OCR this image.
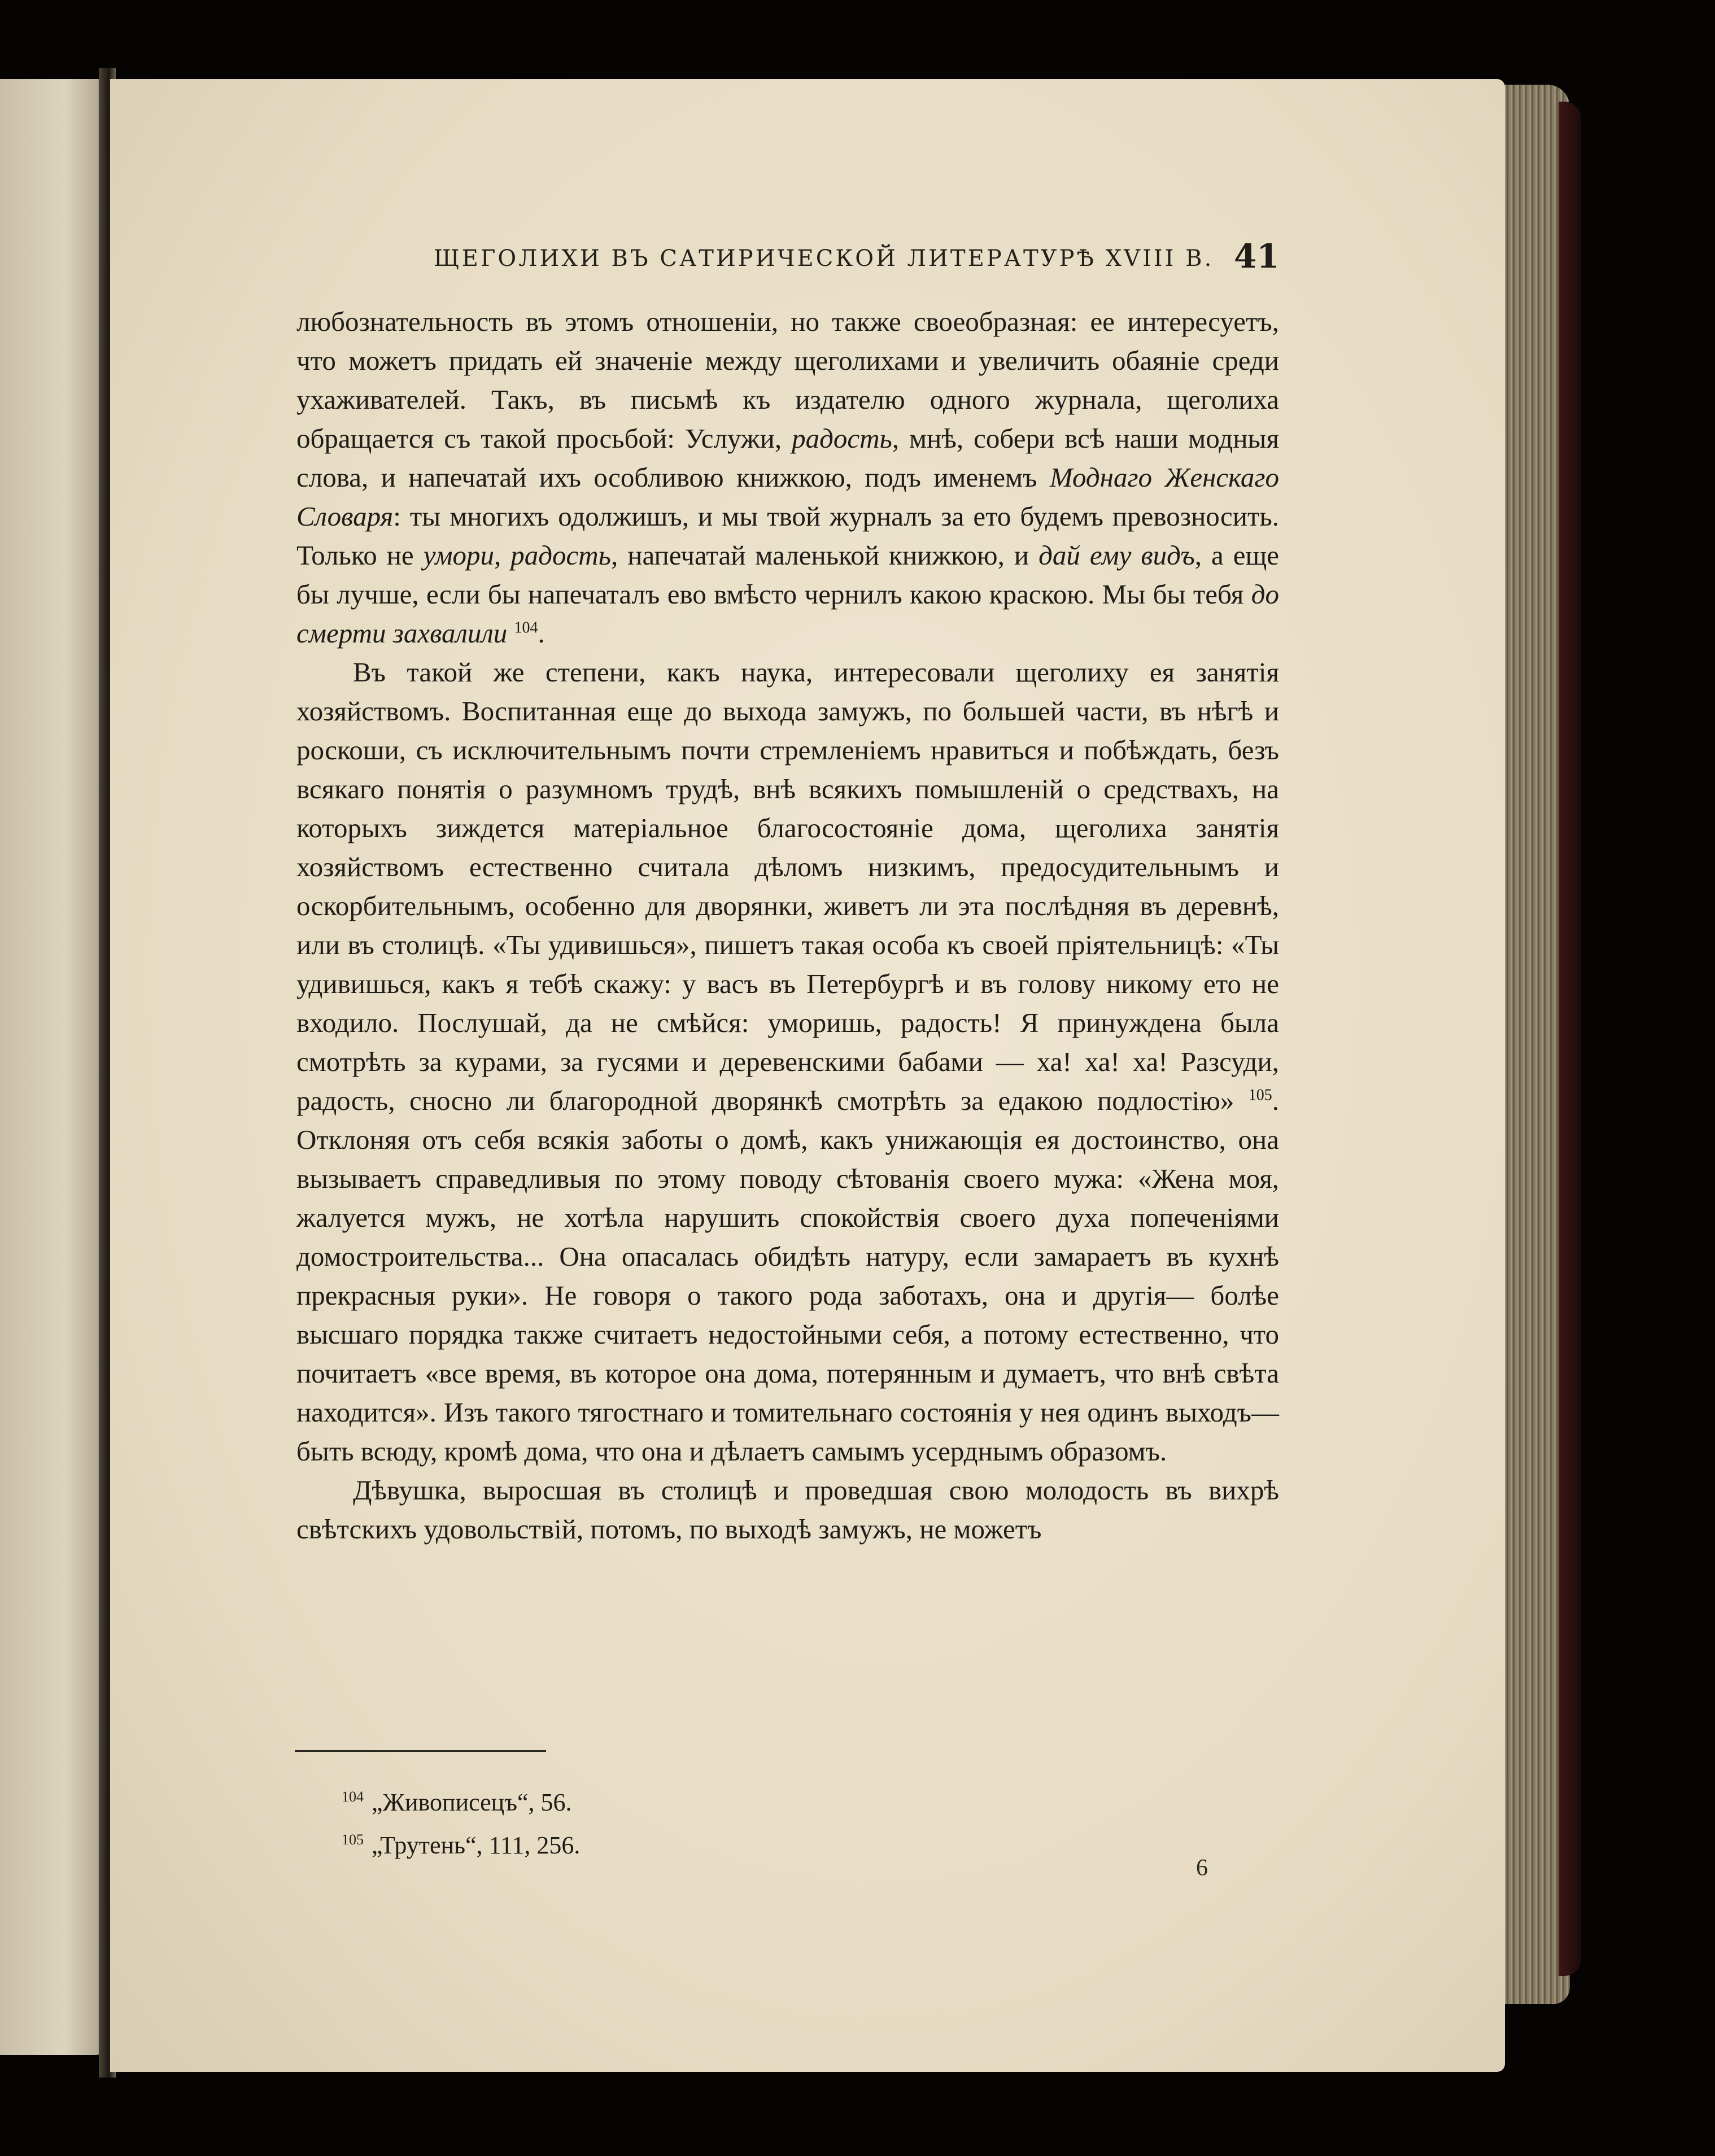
ЩЕГОЛИХИ ВЪ САТИРИЧЕСКОЙ ЛИТЕРАТУРѢ XVIII В. 41

любознательность въ этомъ отношеніи, но также своеобразная: ее интересуетъ, что можетъ придать ей значеніе между щеголихами и увеличить обаяніе среди ухаживателей. Такъ, въ письмѣ къ издателю одного журнала, щеголиха обращается съ такой просьбой: Услужи, радость, мнѣ, собери всѣ наши модныя слова, и напечатай ихъ особливою книжкою, подъ именемъ Моднаго Женскаго Словаря: ты многихъ одолжишъ, и мы твой журналъ за ето будемъ превозносить. Только не умори, радость, напечатай маленькой книжкою, и дай ему видъ, а еще бы лучше, если бы напечаталъ ево вмѣсто чернилъ какою краскою. Мы бы тебя до смерти захвалили $^{104}$.

Въ такой же степени, какъ наука, интересовали щеголиху ея занятія хозяйствомъ. Воспитанная еще до выхода замужъ, по большей части, въ нѣгѣ и роскоши, съ исключительнымъ почти стремленіемъ нравиться и побѣждать, безъ всякаго понятія о разумномъ трудѣ, внѣ всякихъ помышленій о средствахъ, на которыхъ зиждется матеріальное благосостояніе дома, щеголиха занятія хозяйствомъ естественно считала дѣломъ низкимъ, предосудительнымъ и оскорбительнымъ, особенно для дворянки, живетъ ли эта послѣдняя въ деревнѣ, или въ столицѣ. «Ты удивишься», пишетъ такая особа къ своей пріятельницѣ: «Ты удивишься, какъ я тебѣ скажу: у васъ въ Петербургѣ и въ голову никому ето не входило. Послушай, да не смѣйся: уморишь, радость! Я принуждена была смотрѣть за курами, за гусями и деревенскими бабами — ха! ха! ха! Разсуди, радость, сносно ли благородной дворянкѣ смотрѣть за едакою подлостію» $^{105}$. Отклоняя отъ себя всякія заботы о домѣ, какъ унижающія ея достоинство, она вызываетъ справедливыя по этому поводу сѣтованія своего мужа: «Жена моя, жалуется мужъ, не хотѣла нарушить спокойствія своего духа попеченіями домостроительства... Она опасалась обидѣть натуру, если замараетъ въ кухнѣ прекрасныя руки». Не говоря о такого рода заботахъ, она и другія— болѣе высшаго порядка также считаетъ недостойными себя, а потому естественно, что почитаетъ «все время, въ которое она дома, потерянным и думаетъ, что внѣ свѣта находится». Изъ такого тягостнаго и томительнаго состоянія у нея одинъ выходъ—быть всюду, кромѣ дома, что она и дѣлаетъ самымъ усерднымъ образомъ.

Дѣвушка, выросшая въ столицѣ и проведшая свою молодость въ вихрѣ свѣтскихъ удовольствій, потомъ, по выходѣ замужъ, не можетъ

$^{104}$ „Живописецъ“, 56.
$^{105}$ „Трутень“, 111, 256.
6
